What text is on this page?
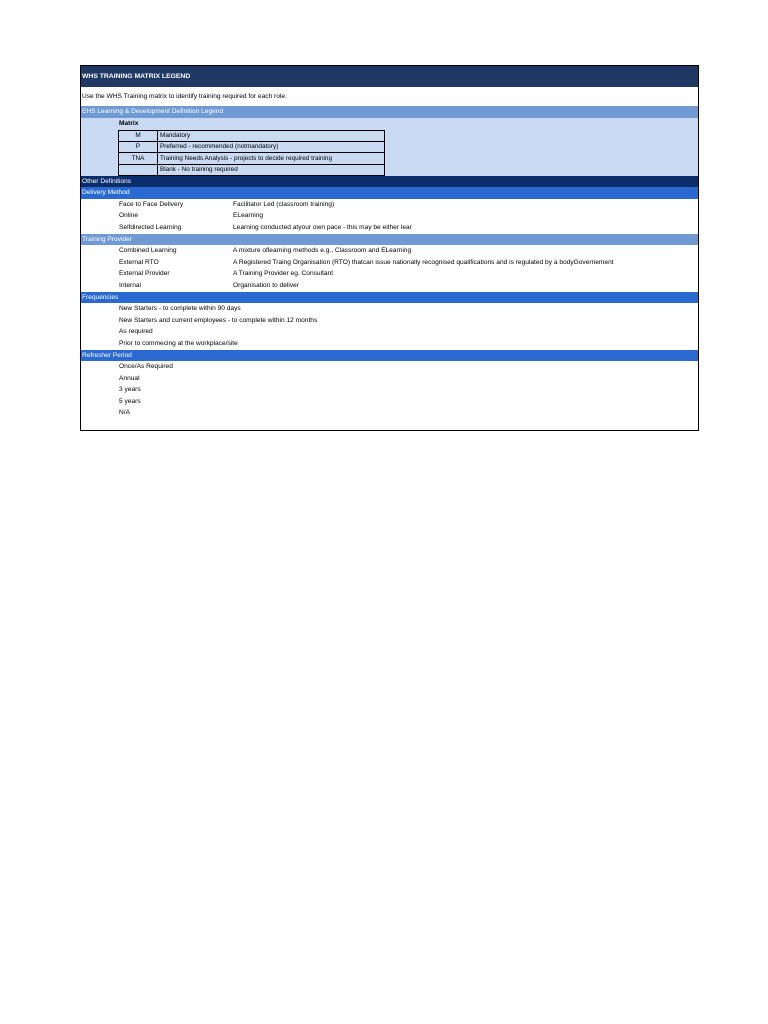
WHS TRAINING MATRIX LEGEND
Use the WHS Training matrix to identify training required for each role.
EHS Learning & Development Definition Legend
Matrix
M	Mandatory
P	Preferred - recommended (notmandatory)
TNA	Training Needs Analysis - projects to decide required training
	Blank - No training required
Other Definitions
Delivery Method
Face to Face Delivery	Facilitator Led (classroom training)
Online	ELearning
Selfdirected Learning	Learning conducted atyour own pace - this may be either lear
Training Provider
Combined Learning	A mixture oflearning methods e.g., Classroom and ELearning
External RTO	A Registered Traing Organisation (RTO) thatcan issue nationally recognised qualifications and is regulated by a bodyGovernement
External Provider	A Training Provider eg. Consultant
Internal	Organisation to deliver
Frequencies
New Starters - to complete within 90 days
New Starters and current employees - to complete within 12 months
As required
Prior to commecing at the workplace/site
Refresher Period
Once/As Required
Annual
3 years
5 years
N/A
